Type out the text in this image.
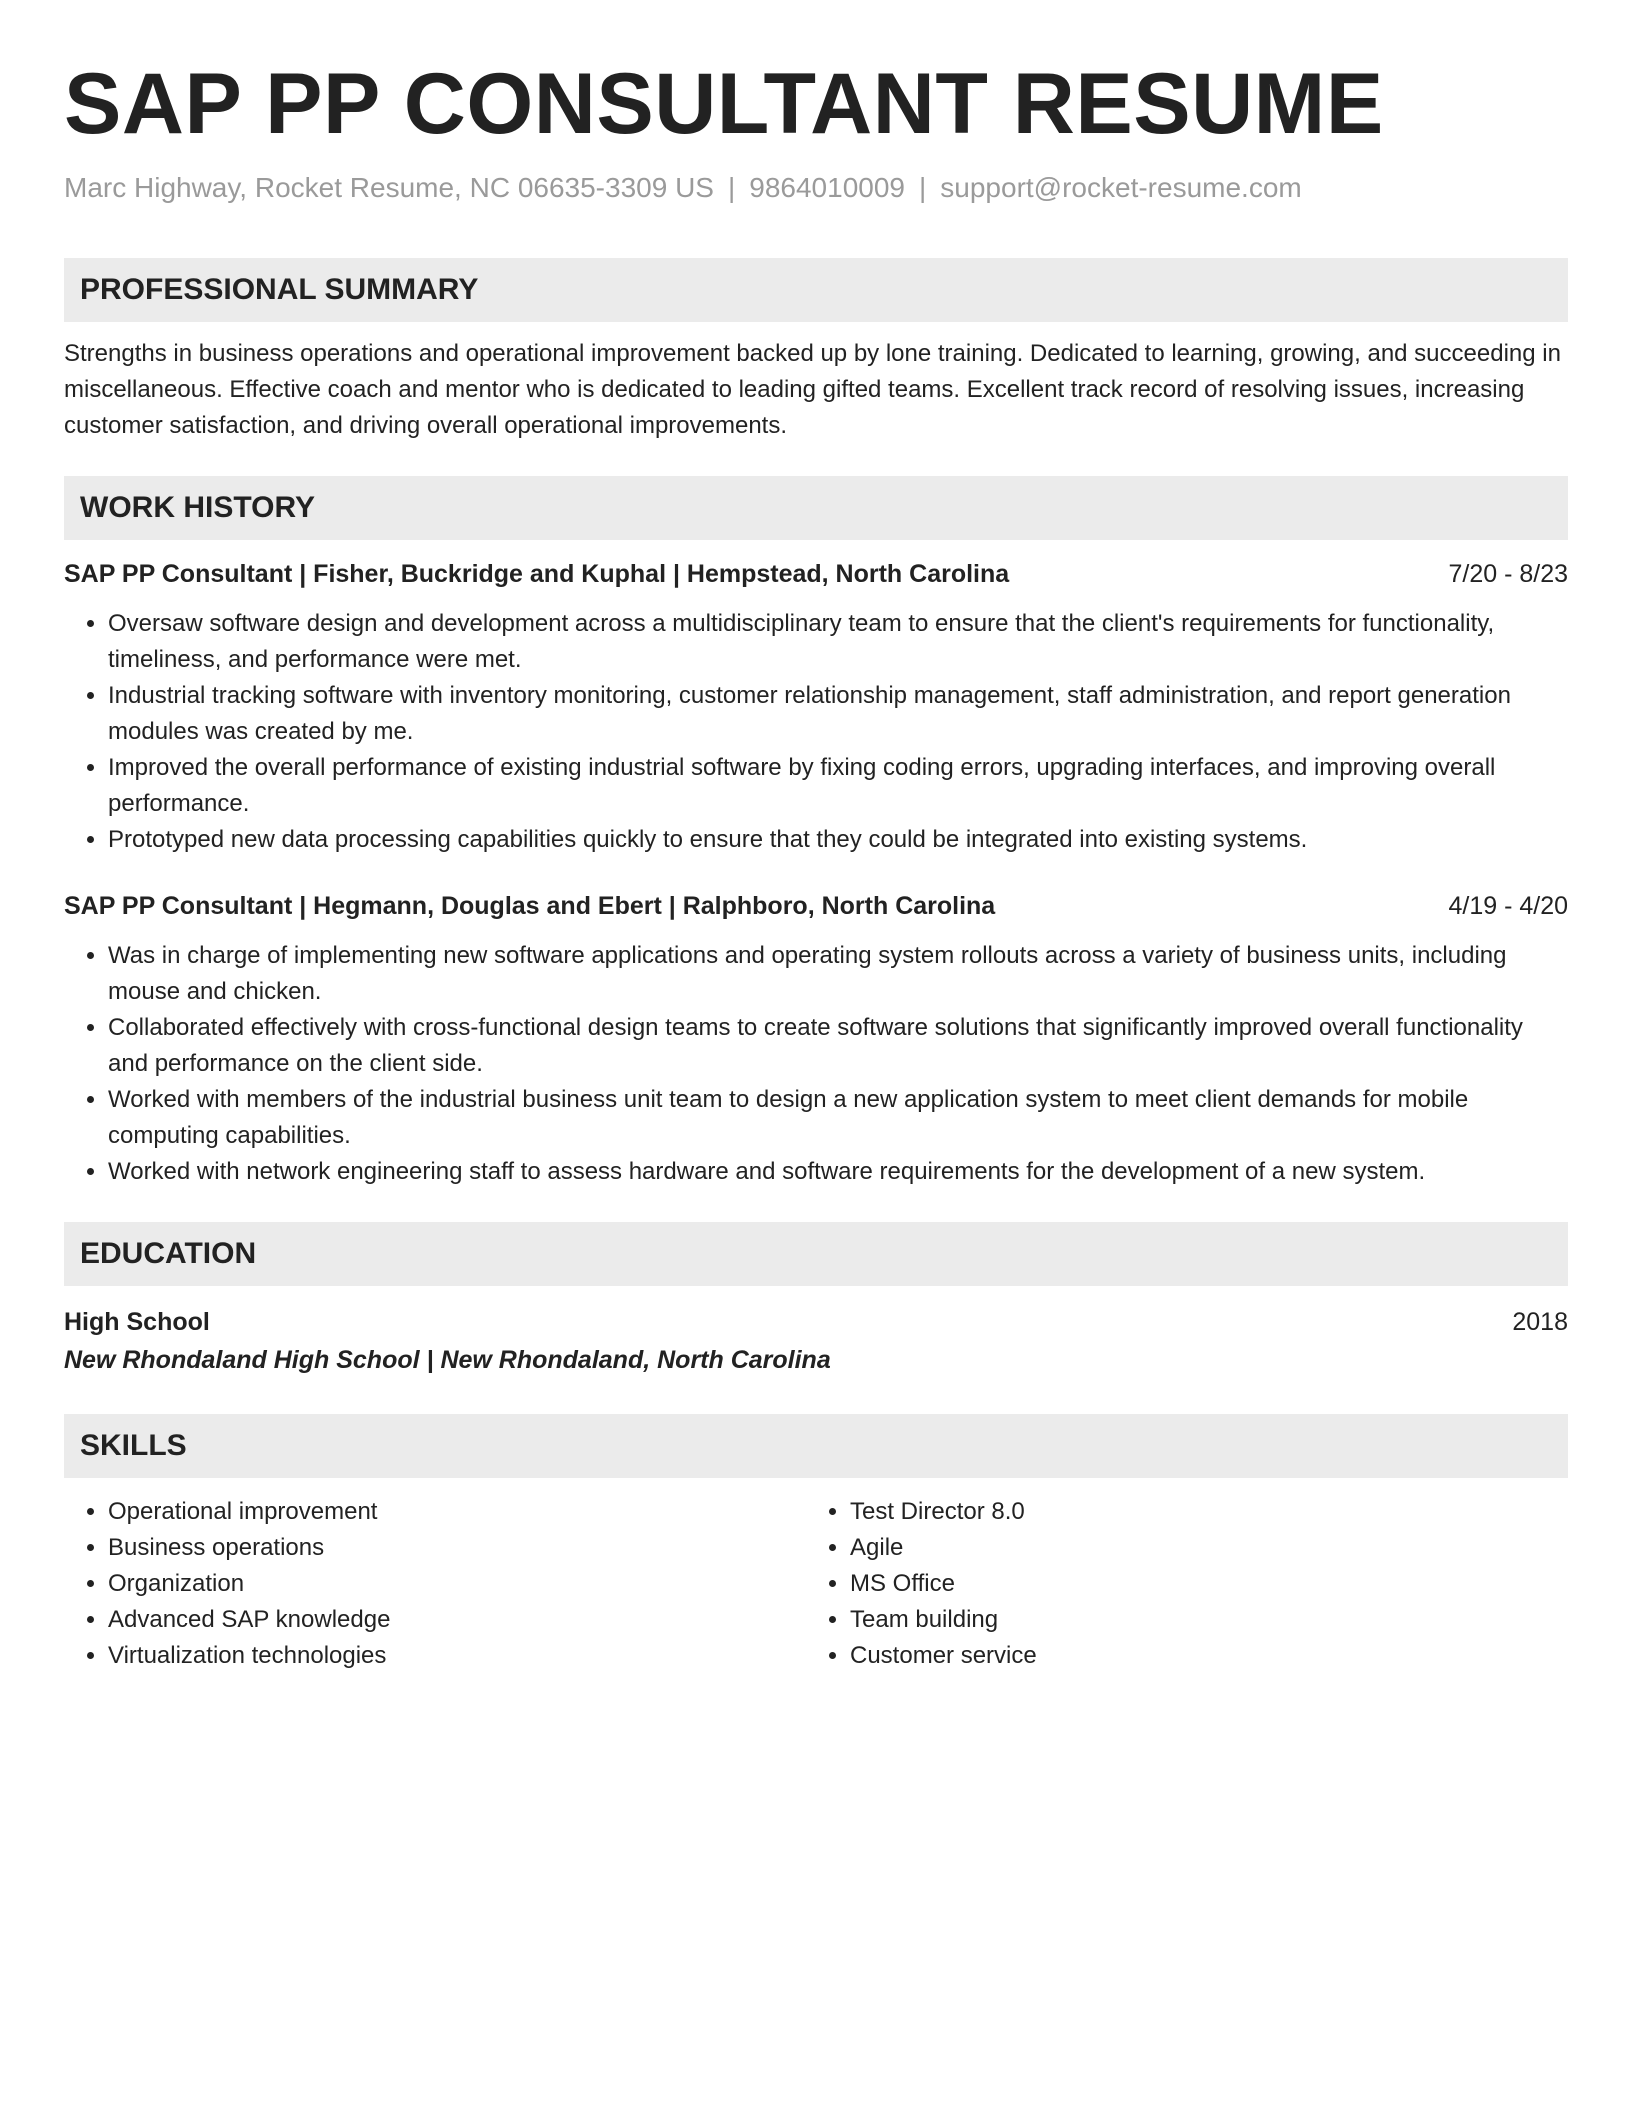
SAP PP CONSULTANT RESUME
Marc Highway, Rocket Resume, NC 06635-3309 US | 9864010009 | support@rocket-resume.com
PROFESSIONAL SUMMARY
Strengths in business operations and operational improvement backed up by lone training. Dedicated to learning, growing, and succeeding in miscellaneous. Effective coach and mentor who is dedicated to leading gifted teams. Excellent track record of resolving issues, increasing customer satisfaction, and driving overall operational improvements.
WORK HISTORY
SAP PP Consultant | Fisher, Buckridge and Kuphal | Hempstead, North Carolina	7/20 - 8/23
• Oversaw software design and development across a multidisciplinary team to ensure that the client's requirements for functionality, timeliness, and performance were met.
• Industrial tracking software with inventory monitoring, customer relationship management, staff administration, and report generation modules was created by me.
• Improved the overall performance of existing industrial software by fixing coding errors, upgrading interfaces, and improving overall performance.
• Prototyped new data processing capabilities quickly to ensure that they could be integrated into existing systems.
SAP PP Consultant | Hegmann, Douglas and Ebert | Ralphboro, North Carolina	4/19 - 4/20
• Was in charge of implementing new software applications and operating system rollouts across a variety of business units, including mouse and chicken.
• Collaborated effectively with cross-functional design teams to create software solutions that significantly improved overall functionality and performance on the client side.
• Worked with members of the industrial business unit team to design a new application system to meet client demands for mobile computing capabilities.
• Worked with network engineering staff to assess hardware and software requirements for the development of a new system.
EDUCATION
High School	2018
New Rhondaland High School | New Rhondaland, North Carolina
SKILLS
• Operational improvement
• Business operations
• Organization
• Advanced SAP knowledge
• Virtualization technologies
• Test Director 8.0
• Agile
• MS Office
• Team building
• Customer service
